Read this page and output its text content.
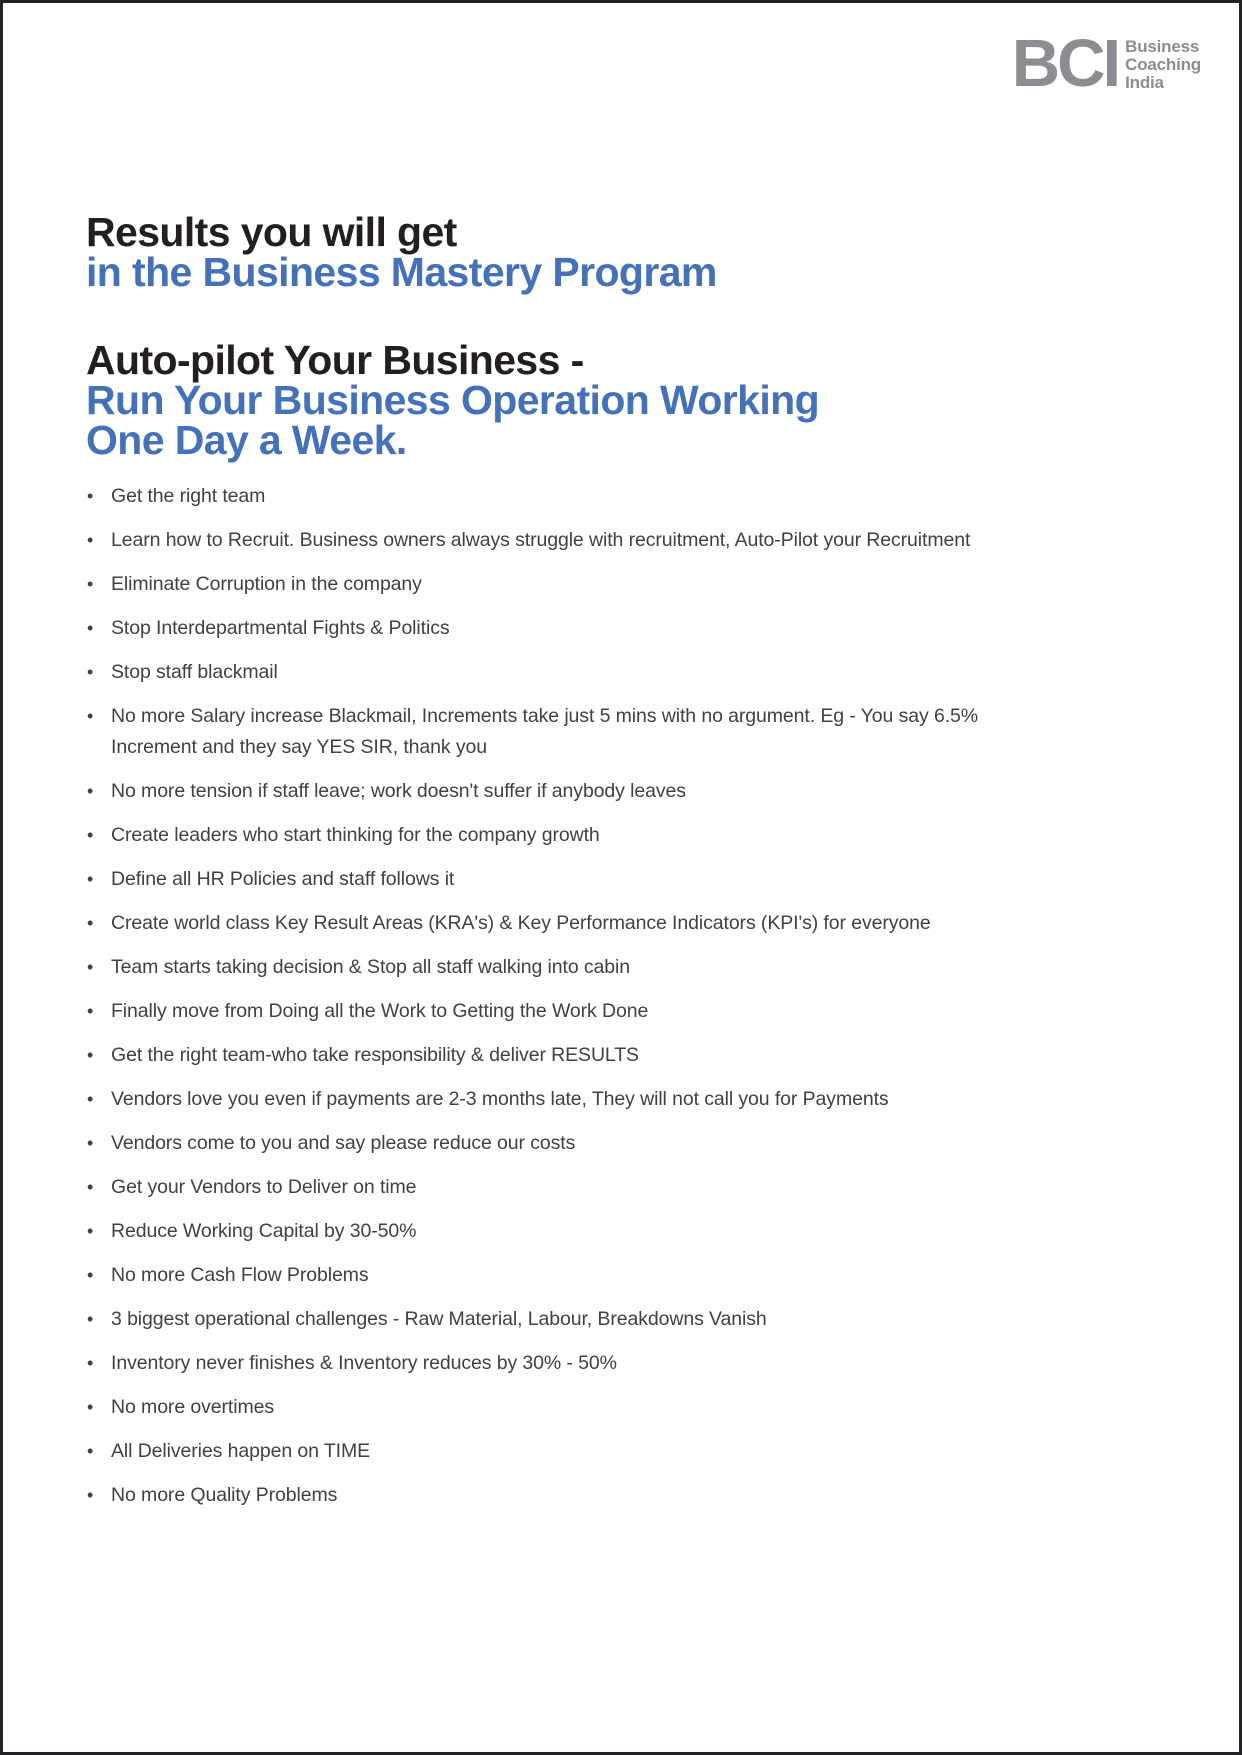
BCI Business
Coaching
India
Results you will get
in the Business Mastery Program
Auto-pilot Your Business -
Run Your Business Operation Working
One Day a Week.
• Get the right team
• Learn how to Recruit. Business owners always struggle with recruitment, Auto-Pilot your Recruitment
• Eliminate Corruption in the company
• Stop Interdepartmental Fights & Politics
• Stop staff blackmail
• No more Salary increase Blackmail, Increments take just 5 mins with no argument. Eg - You say 6.5% Increment and they say YES SIR, thank you
• No more tension if staff leave; work doesn't suffer if anybody leaves
• Create leaders who start thinking for the company growth
• Define all HR Policies and staff follows it
• Create world class Key Result Areas (KRA's) & Key Performance Indicators (KPI's) for everyone
• Team starts taking decision & Stop all staff walking into cabin
• Finally move from Doing all the Work to Getting the Work Done
• Get the right team-who take responsibility & deliver RESULTS
• Vendors love you even if payments are 2-3 months late, They will not call you for Payments
• Vendors come to you and say please reduce our costs
• Get your Vendors to Deliver on time
• Reduce Working Capital by 30-50%
• No more Cash Flow Problems
• 3 biggest operational challenges - Raw Material, Labour, Breakdowns Vanish
• Inventory never finishes & Inventory reduces by 30% - 50%
• No more overtimes
• All Deliveries happen on TIME
• No more Quality Problems
